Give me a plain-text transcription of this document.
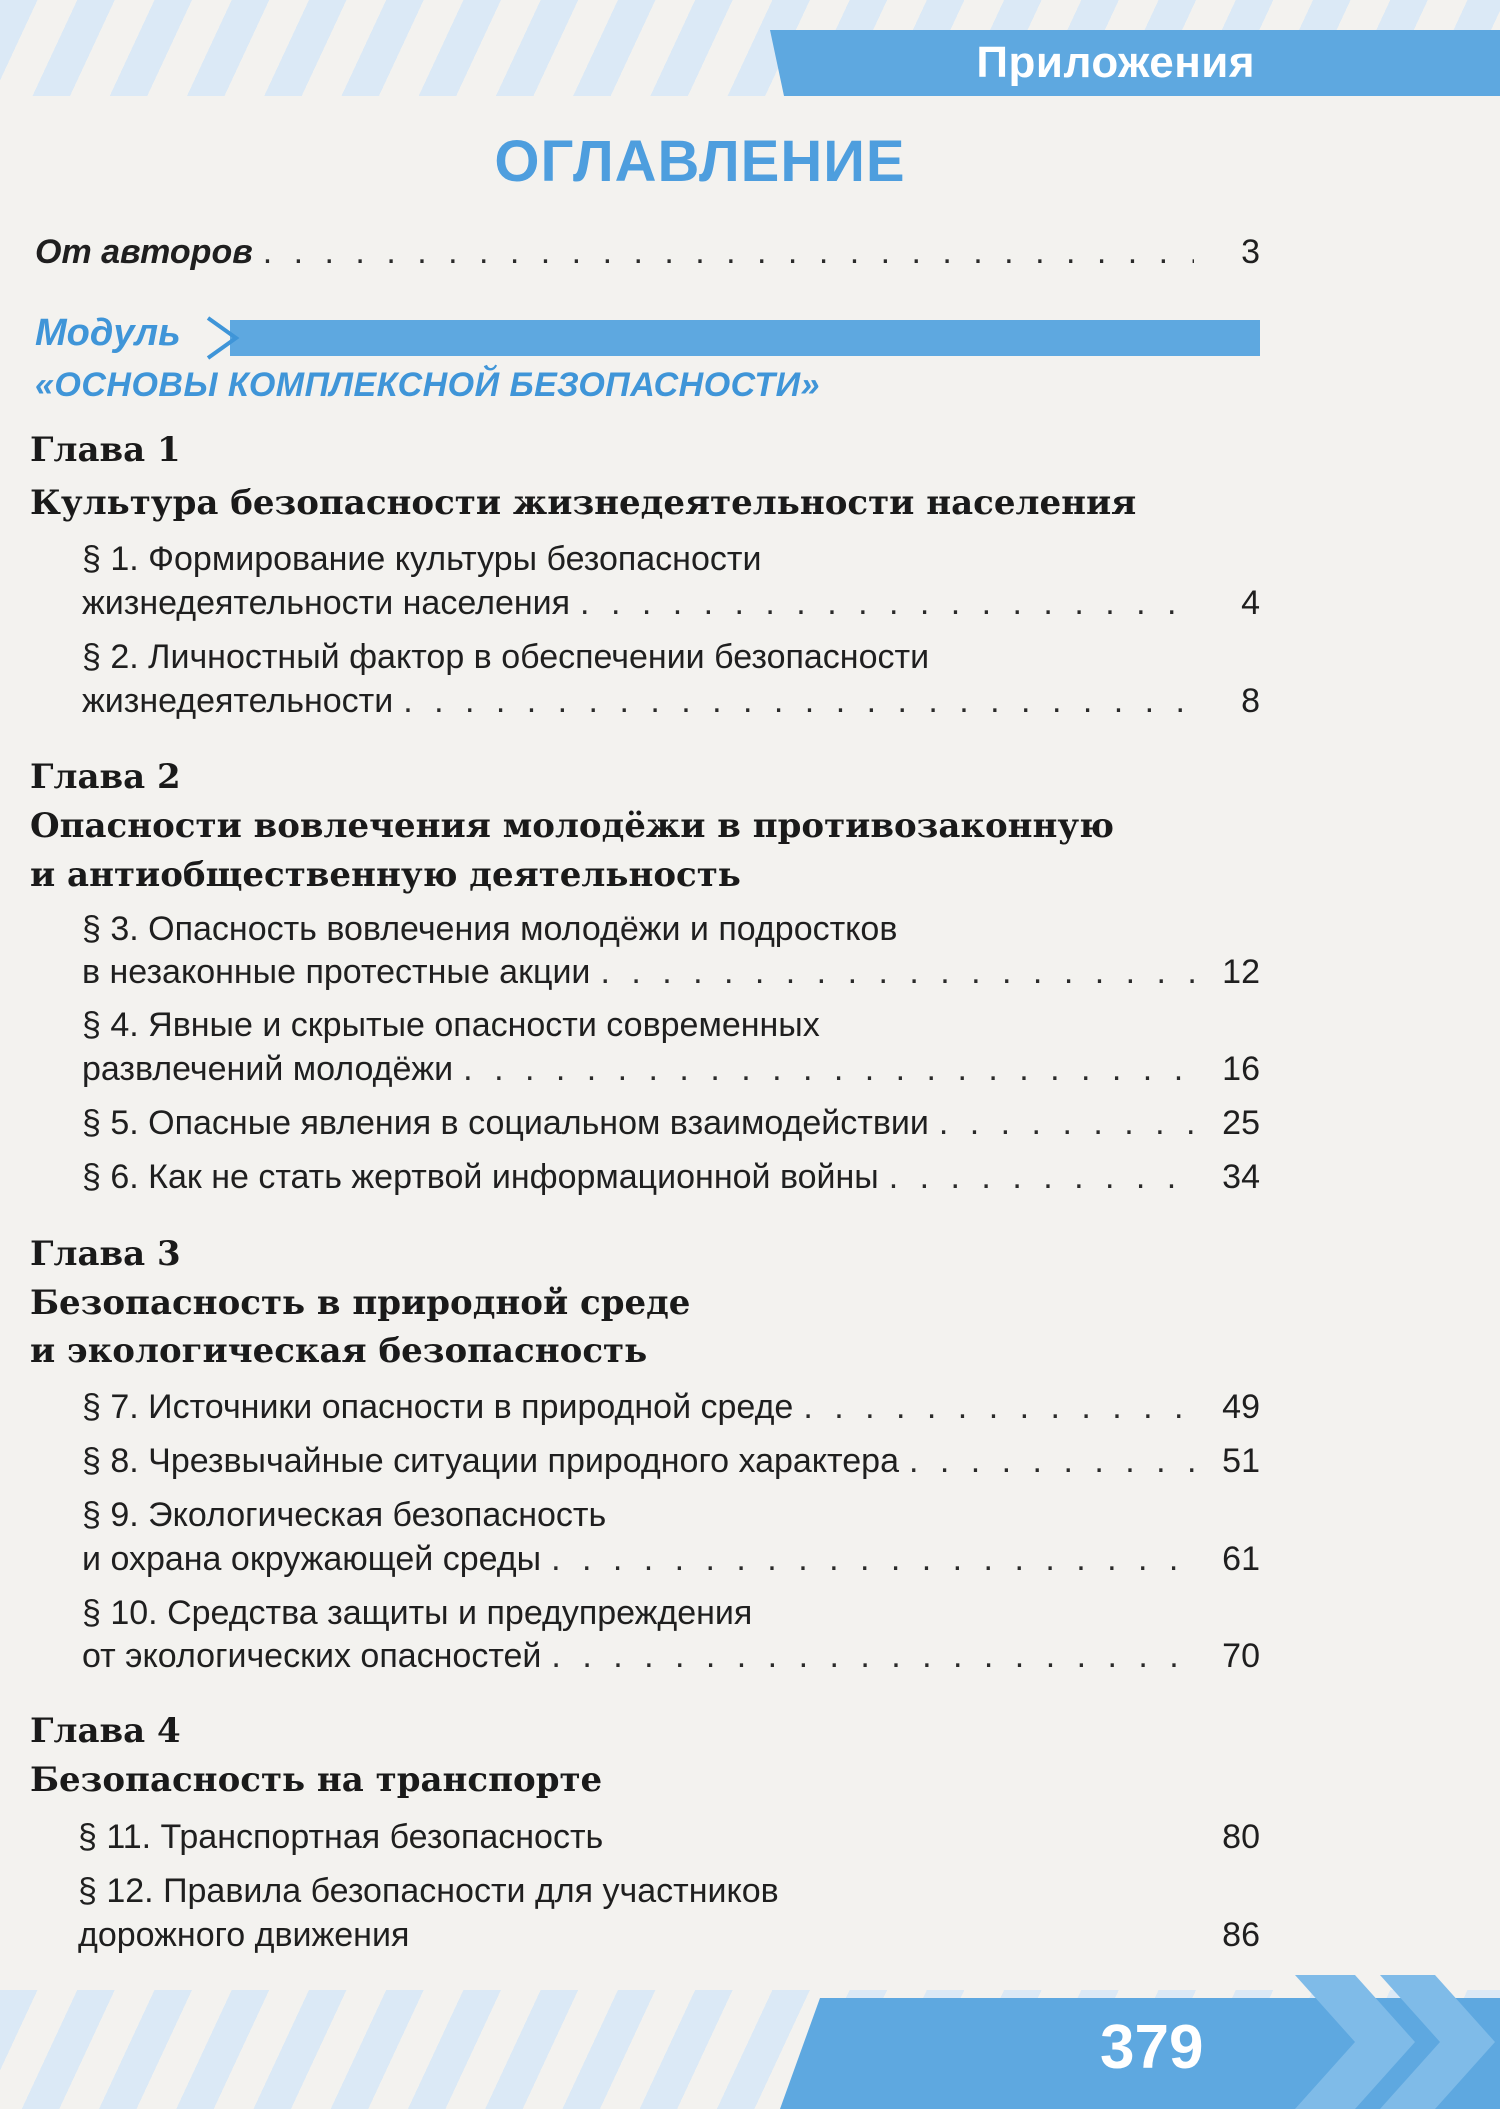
Приложения
ОГЛАВЛЕНИЕ
От авторов . . .	3
Модуль
«ОСНОВЫ КОМПЛЕКСНОЙ БЕЗОПАСНОСТИ»
Глава 1
Культура безопасности жизнедеятельности населения
§ 1. Формирование культуры безопасности
жизнедеятельности населения . . .	4
§ 2. Личностный фактор в обеспечении безопасности
жизнедеятельности . . .	8
Глава 2
Опасности вовлечения молодёжи в противозаконную
и антиобщественную деятельность
§ 3. Опасность вовлечения молодёжи и подростков
в незаконные протестные акции . . .	12
§ 4. Явные и скрытые опасности современных
развлечений молодёжи . . .	16
§ 5. Опасные явления в социальном взаимодействии . . .	25
§ 6. Как не стать жертвой информационной войны . . .	34
Глава 3
Безопасность в природной среде
и экологическая безопасность
§ 7. Источники опасности в природной среде . . .	49
§ 8. Чрезвычайные ситуации природного характера . . .	51
§ 9. Экологическая безопасность
и охрана окружающей среды . . .	61
§ 10. Средства защиты и предупреждения
от экологических опасностей . . .	70
Глава 4
Безопасность на транспорте
§ 11. Транспортная безопасность	80
§ 12. Правила безопасности для участников
дорожного движения	86
379
